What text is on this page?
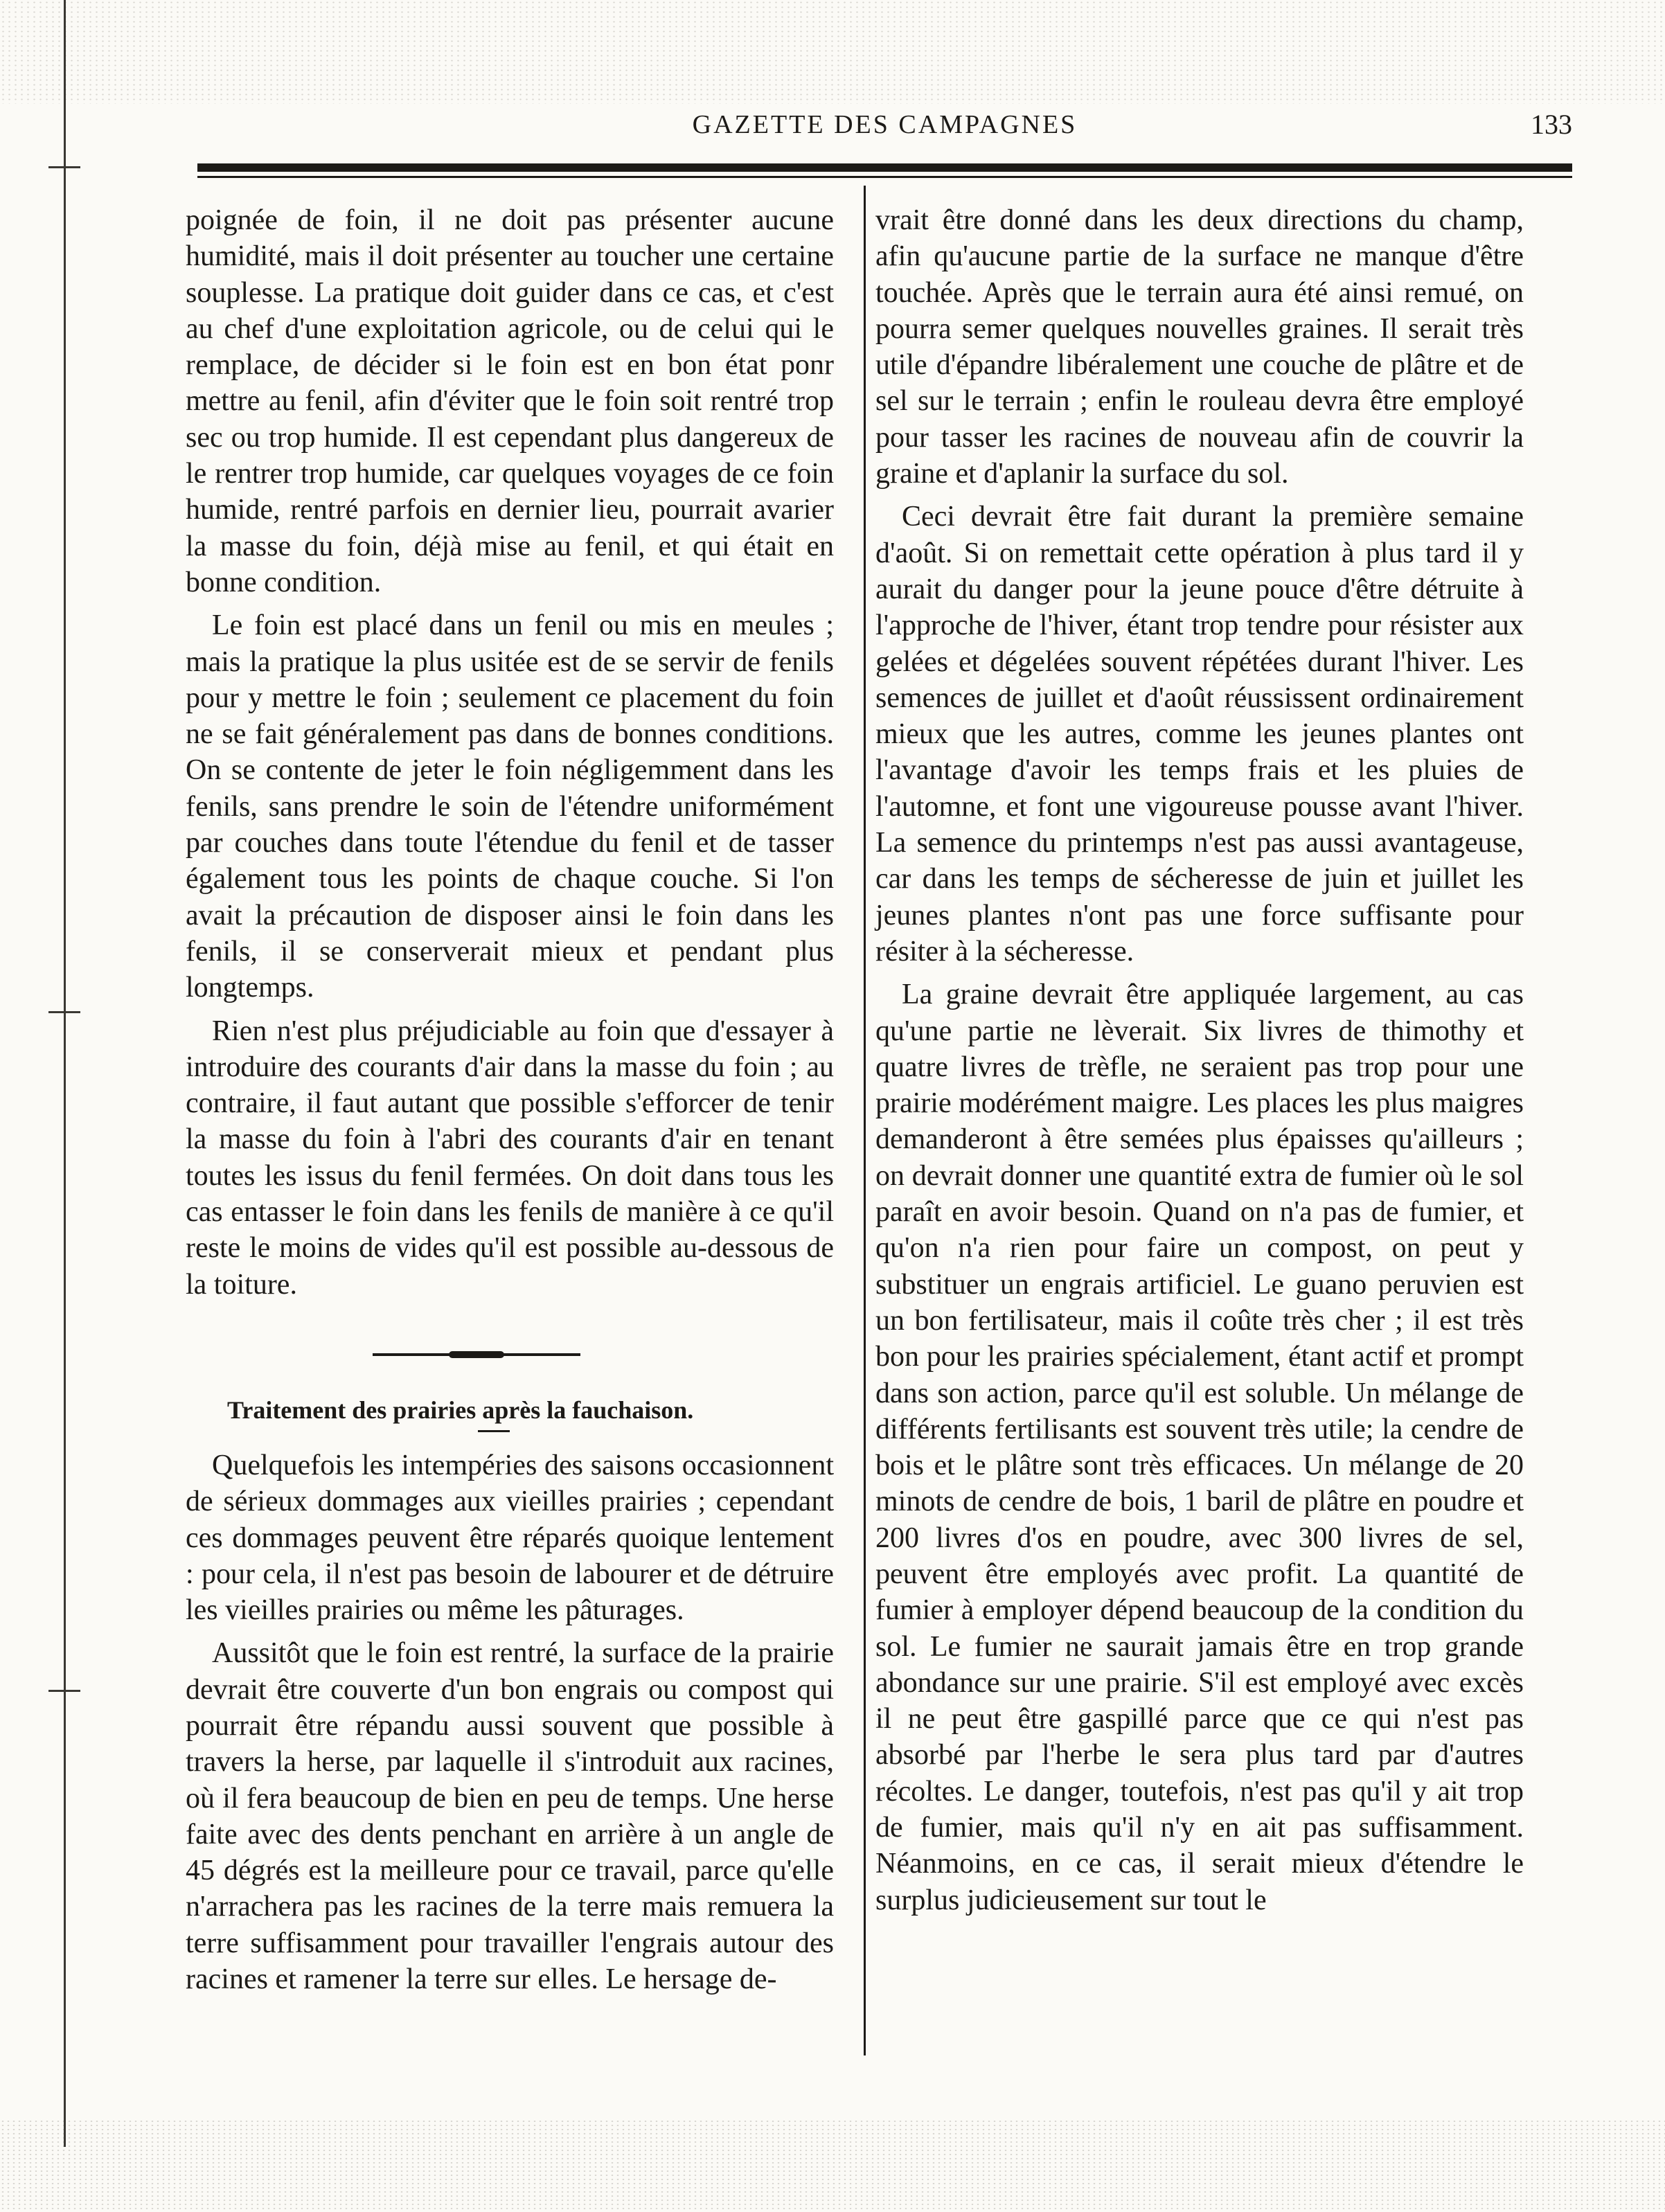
GAZETTE DES CAMPAGNES	133

poignée de foin, il ne doit pas présenter aucune humidité, mais il doit présenter au toucher une certaine souplesse. La pratique doit guider dans ce cas, et c'est au chef d'une exploitation agricole, ou de celui qui le remplace, de décider si le foin est en bon état ponr mettre au fenil, afin d'éviter que le foin soit rentré trop sec ou trop humide. Il est cependant plus dangereux de le rentrer trop humide, car quelques voyages de ce foin humide, rentré parfois en dernier lieu, pourrait avarier la masse du foin, déjà mise au fenil, et qui était en bonne condition.

Le foin est placé dans un fenil ou mis en meules ; mais la pratique la plus usitée est de se servir de fenils pour y mettre le foin ; seulement ce placement du foin ne se fait généralement pas dans de bonnes conditions. On se contente de jeter le foin négligemment dans les fenils, sans prendre le soin de l'étendre uniformément par couches dans toute l'étendue du fenil et de tasser également tous les points de chaque couche. Si l'on avait la précaution de disposer ainsi le foin dans les fenils, il se conserverait mieux et pendant plus longtemps.

Rien n'est plus préjudiciable au foin que d'essayer à introduire des courants d'air dans la masse du foin ; au contraire, il faut autant que possible s'efforcer de tenir la masse du foin à l'abri des courants d'air en tenant toutes les issus du fenil fermées. On doit dans tous les cas entasser le foin dans les fenils de manière à ce qu'il reste le moins de vides qu'il est possible au-dessous de la toiture.

Traitement des prairies après la fauchaison.

Quelquefois les intempéries des saisons occasionnent de sérieux dommages aux vieilles prairies ; cependant ces dommages peuvent être réparés quoique lentement : pour cela, il n'est pas besoin de labourer et de détruire les vieilles prairies ou même les pâturages.

Aussitôt que le foin est rentré, la surface de la prairie devrait être couverte d'un bon engrais ou compost qui pourrait être répandu aussi souvent que possible à travers la herse, par laquelle il s'introduit aux racines, où il fera beaucoup de bien en peu de temps. Une herse faite avec des dents penchant en arrière à un angle de 45 dégrés est la meilleure pour ce travail, parce qu'elle n'arrachera pas les racines de la terre mais remuera la terre suffisamment pour travailler l'engrais autour des racines et ramener la terre sur elles. Le hersage de-

vrait être donné dans les deux directions du champ, afin qu'aucune partie de la surface ne manque d'être touchée. Après que le terrain aura été ainsi remué, on pourra semer quelques nouvelles graines. Il serait très utile d'épandre libéralement une couche de plâtre et de sel sur le terrain ; enfin le rouleau devra être employé pour tasser les racines de nouveau afin de couvrir la graine et d'aplanir la surface du sol.

Ceci devrait être fait durant la première semaine d'août. Si on remettait cette opération à plus tard il y aurait du danger pour la jeune pouce d'être détruite à l'approche de l'hiver, étant trop tendre pour résister aux gelées et dégelées souvent répétées durant l'hiver. Les semences de juillet et d'août réussissent ordinairement mieux que les autres, comme les jeunes plantes ont l'avantage d'avoir les temps frais et les pluies de l'automne, et font une vigoureuse pousse avant l'hiver. La semence du printemps n'est pas aussi avantageuse, car dans les temps de sécheresse de juin et juillet les jeunes plantes n'ont pas une force suffisante pour résiter à la sécheresse.

La graine devrait être appliquée largement, au cas qu'une partie ne lèverait. Six livres de thimothy et quatre livres de trèfle, ne seraient pas trop pour une prairie modérément maigre. Les places les plus maigres demanderont à être semées plus épaisses qu'ailleurs ; on devrait donner une quantité extra de fumier où le sol paraît en avoir besoin. Quand on n'a pas de fumier, et qu'on n'a rien pour faire un compost, on peut y substituer un engrais artificiel. Le guano peruvien est un bon fertilisateur, mais il coûte très cher ; il est très bon pour les prairies spécialement, étant actif et prompt dans son action, parce qu'il est soluble. Un mélange de différents fertilisants est souvent très utile; la cendre de bois et le plâtre sont très efficaces. Un mélange de 20 minots de cendre de bois, 1 baril de plâtre en poudre et 200 livres d'os en poudre, avec 300 livres de sel, peuvent être employés avec profit. La quantité de fumier à employer dépend beaucoup de la condition du sol. Le fumier ne saurait jamais être en trop grande abondance sur une prairie. S'il est employé avec excès il ne peut être gaspillé parce que ce qui n'est pas absorbé par l'herbe le sera plus tard par d'autres récoltes. Le danger, toutefois, n'est pas qu'il y ait trop de fumier, mais qu'il n'y en ait pas suffisamment. Néanmoins, en ce cas, il serait mieux d'étendre le surplus judicieusement sur tout le
